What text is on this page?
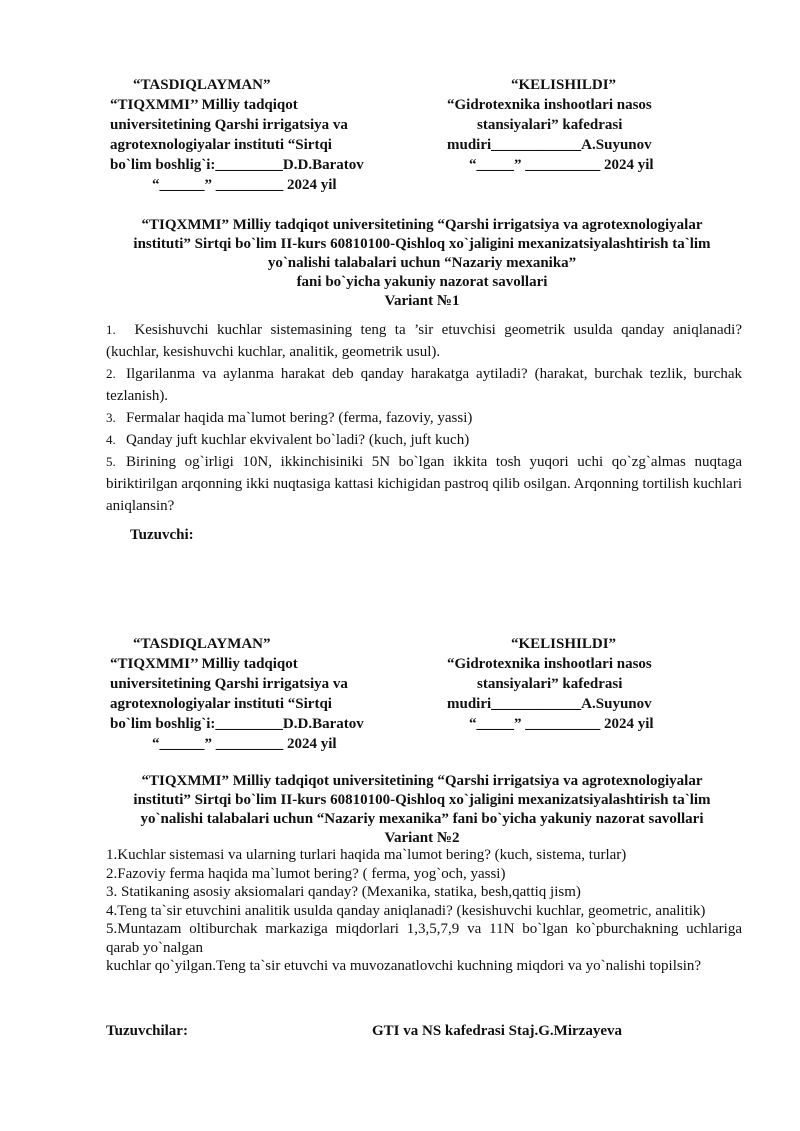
“TASDIQLAYMAN”
“TIQXMMI’’ Milliy tadqiqot
universitetining Qarshi irrigatsiya va
agrotexnologiyalar instituti “Sirtqi
bo`lim boshlig`i:_________D.D.Baratov
“______” _________ 2024 yil
“KELISHILDI”
“Gidrotexnika inshootlari nasos
stansiyalari” kafedrasi
mudiri____________A.Suyunov
“_____” __________ 2024 yil
“TIQXMMI” Milliy tadqiqot universitetining “Qarshi irrigatsiya va agrotexnologiyalar
instituti” Sirtqi bo`lim II-kurs 60810100-Qishloq xo`jaligini mexanizatsiyalashtirish ta`lim
yo`nalishi talabalari uchun “Nazariy mexanika”
fani bo`yicha yakuniy nazorat savollari
Variant №1
1. Kesishuvchi kuchlar sistemasining teng ta ’sir etuvchisi geometrik usulda qanday aniqlanadi? (kuchlar, kesishuvchi kuchlar, analitik, geometrik usul).
2. Ilgarilanma va aylanma harakat deb qanday harakatga aytiladi? (harakat, burchak tezlik, burchak tezlanish).
3. Fermalar haqida ma`lumot bering? (ferma, fazoviy, yassi)
4. Qanday juft kuchlar ekvivalent bo`ladi? (kuch, juft kuch)
5. Birining og`irligi 10N, ikkinchisiniki 5N bo`lgan ikkita tosh yuqori uchi qo`zg`almas nuqtaga biriktirilgan arqonning ikki nuqtasiga kattasi kichigidan pastroq qilib osilgan. Arqonning tortilish kuchlari aniqlansin?
Tuzuvchi:
“TASDIQLAYMAN”
“TIQXMMI’’ Milliy tadqiqot
universitetining Qarshi irrigatsiya va
agrotexnologiyalar instituti “Sirtqi
bo`lim boshlig`i:_________D.D.Baratov
“______” _________ 2024 yil
“KELISHILDI”
“Gidrotexnika inshootlari nasos
stansiyalari” kafedrasi
mudiri____________A.Suyunov
“_____” __________ 2024 yil
“TIQXMMI” Milliy tadqiqot universitetining “Qarshi irrigatsiya va agrotexnologiyalar
instituti” Sirtqi bo`lim II-kurs 60810100-Qishloq xo`jaligini mexanizatsiyalashtirish ta`lim
yo`nalishi talabalari uchun “Nazariy mexanika” fani bo`yicha yakuniy nazorat savollari
Variant №2
1.Kuchlar sistemasi va ularning turlari haqida ma`lumot bering? (kuch, sistema, turlar)
2.Fazoviy ferma haqida ma`lumot bering? ( ferma, yog`och, yassi)
3. Statikaning asosiy aksiomalari qanday? (Mexanika, statika, besh,qattiq jism)
4.Teng ta`sir etuvchini analitik usulda qanday aniqlanadi? (kesishuvchi kuchlar, geometric, analitik)
5.Muntazam oltiburchak markaziga miqdorlari 1,3,5,7,9 va 11N bo`lgan ko`pburchakning uchlariga qarab yo`nalgan
kuchlar qo`yilgan.Teng ta`sir etuvchi va muvozanatlovchi kuchning miqdori va yo`nalishi topilsin?
Tuzuvchilar:	GTI va NS kafedrasi Staj.G.Mirzayeva
